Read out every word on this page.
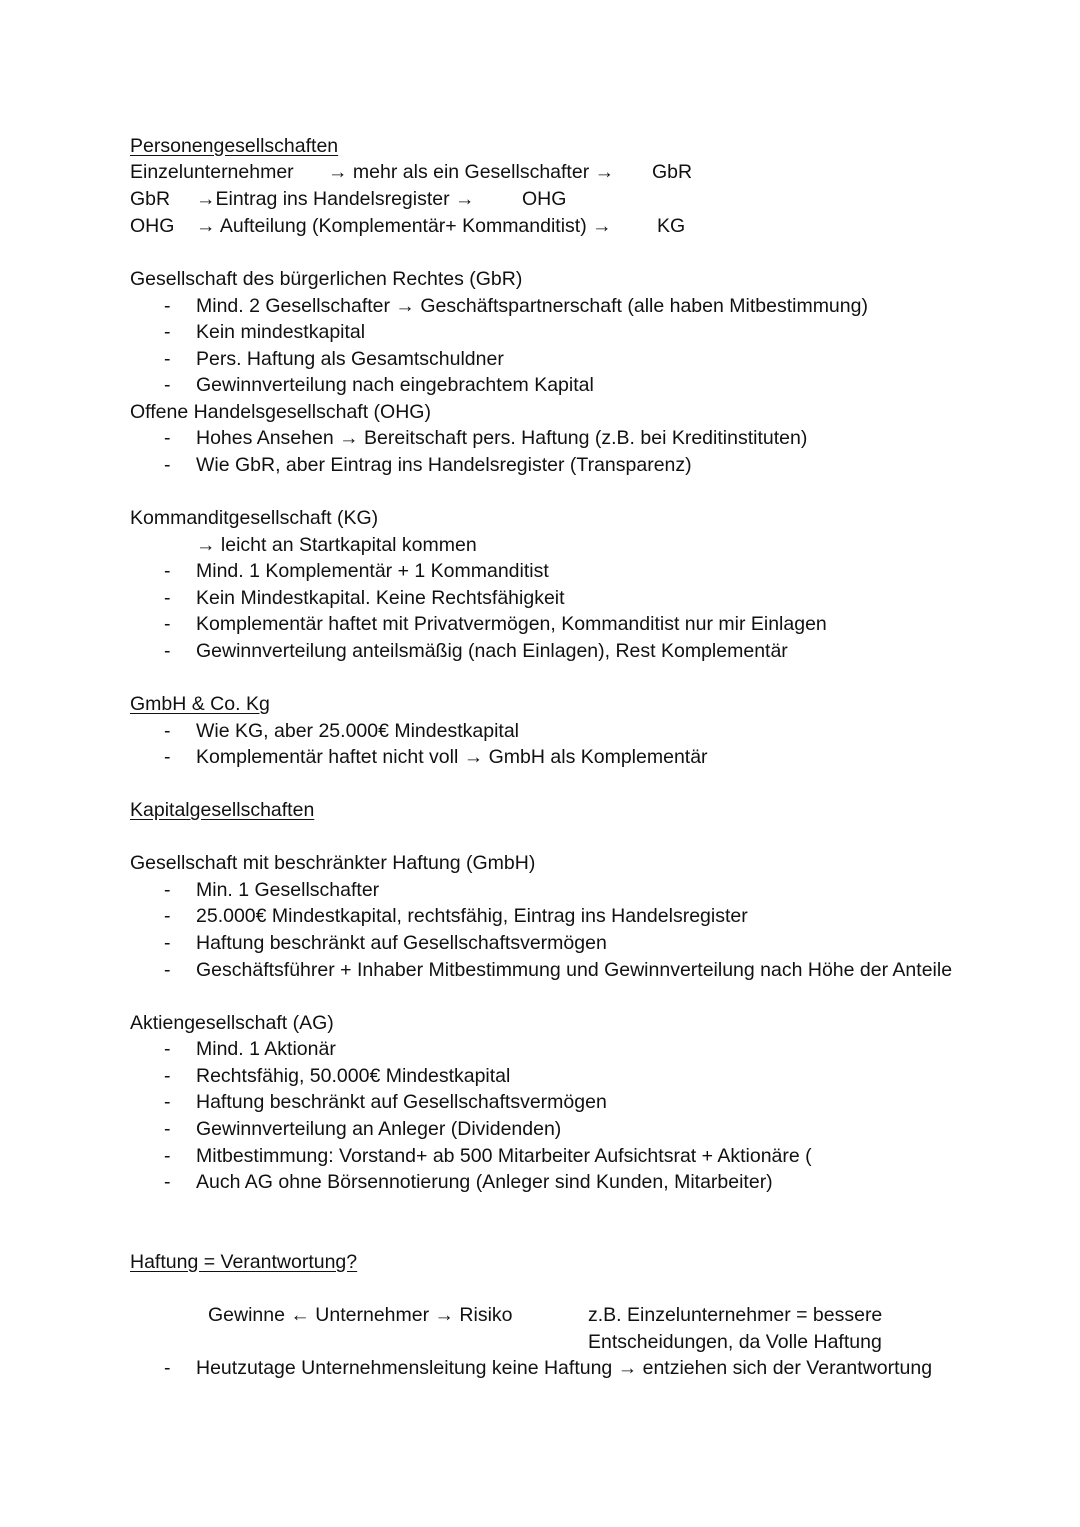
Personengesellschaften
Einzelunternehmer → mehr als ein Gesellschafter → GbR
GbR →Eintrag ins Handelsregister → OHG
OHG → Aufteilung (Komplementär+ Kommanditist) → KG
Gesellschaft des bürgerlichen Rechtes (GbR)
- Mind. 2 Gesellschafter → Geschäftspartnerschaft (alle haben Mitbestimmung)
- Kein mindestkapital
- Pers. Haftung als Gesamtschuldner
- Gewinnverteilung nach eingebrachtem Kapital
Offene Handelsgesellschaft (OHG)
- Hohes Ansehen → Bereitschaft pers. Haftung (z.B. bei Kreditinstituten)
- Wie GbR, aber Eintrag ins Handelsregister (Transparenz)
Kommanditgesellschaft (KG)
→ leicht an Startkapital kommen
- Mind. 1 Komplementär + 1 Kommanditist
- Kein Mindestkapital. Keine Rechtsfähigkeit
- Komplementär haftet mit Privatvermögen, Kommanditist nur mir Einlagen
- Gewinnverteilung anteilsmäßig (nach Einlagen), Rest Komplementär
GmbH & Co. Kg
- Wie KG, aber 25.000€ Mindestkapital
- Komplementär haftet nicht voll → GmbH als Komplementär
Kapitalgesellschaften
Gesellschaft mit beschränkter Haftung (GmbH)
- Min. 1 Gesellschafter
- 25.000€ Mindestkapital, rechtsfähig, Eintrag ins Handelsregister
- Haftung beschränkt auf Gesellschaftsvermögen
- Geschäftsführer + Inhaber Mitbestimmung und Gewinnverteilung nach Höhe der Anteile
Aktiengesellschaft (AG)
- Mind. 1 Aktionär
- Rechtsfähig, 50.000€ Mindestkapital
- Haftung beschränkt auf Gesellschaftsvermögen
- Gewinnverteilung an Anleger (Dividenden)
- Mitbestimmung: Vorstand+ ab 500 Mitarbeiter Aufsichtsrat + Aktionäre (
- Auch AG ohne Börsennotierung (Anleger sind Kunden, Mitarbeiter)
Haftung = Verantwortung?
Gewinne ← Unternehmer → Risiko	z.B. Einzelunternehmer = bessere
Entscheidungen, da Volle Haftung
- Heutzutage Unternehmensleitung keine Haftung → entziehen sich der Verantwortung
